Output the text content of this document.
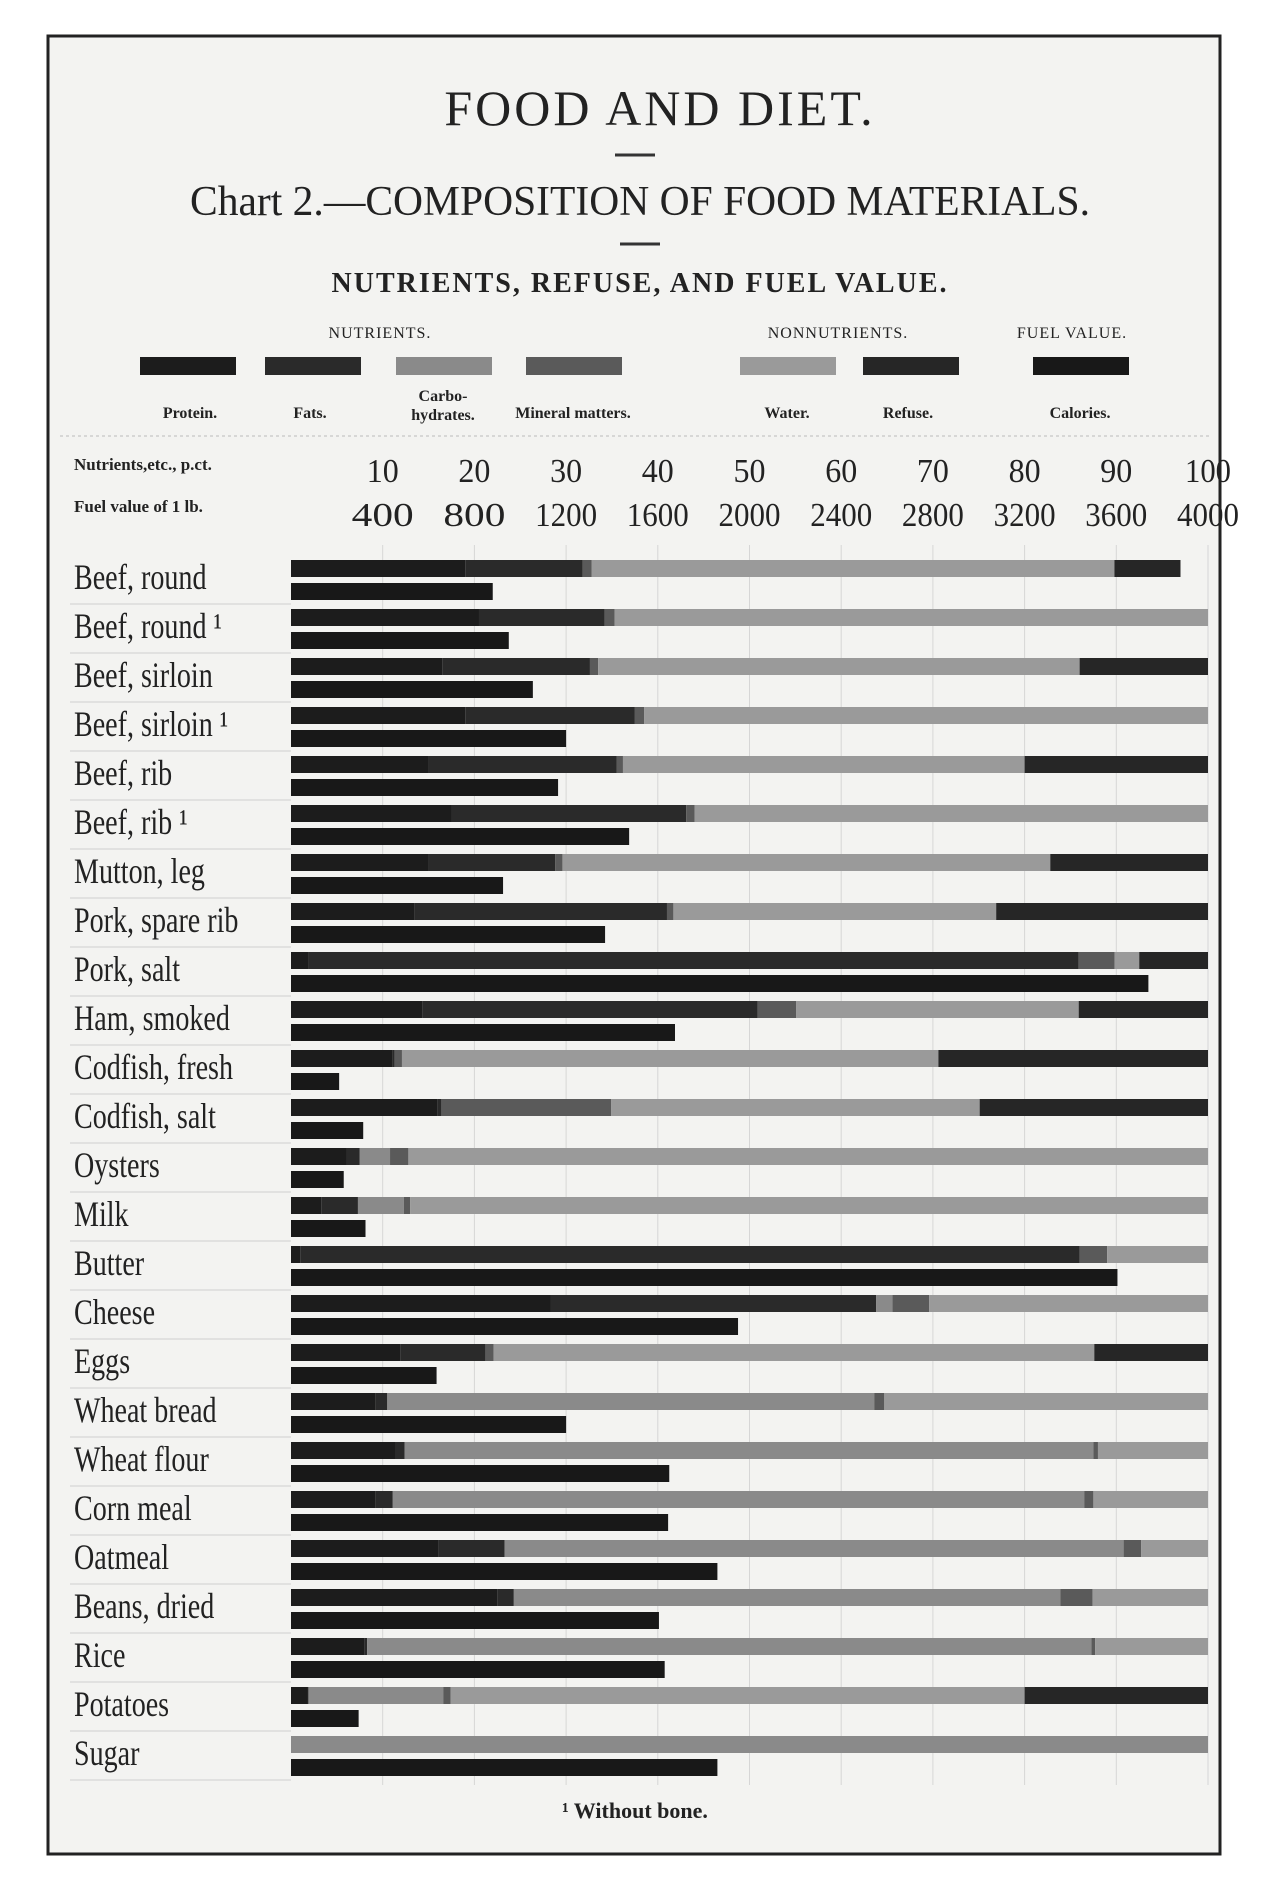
FOOD AND DIET.
Chart 2.—COMPOSITION OF FOOD MATERIALS.
NUTRIENTS, REFUSE, AND FUEL VALUE.
NUTRIENTS.	NONNUTRIENTS.	FUEL VALUE.
Protein.	Fats.
Carbo-hydrates.	Mineral matters.	Water.	Refuse.	Calories.
Nutrients,etc., p.ct.
Fuel value of 1 lb.
10 20 30 40 50 60 70 80 90 100
400 800 1200 1600 2000 2400 2800 3200 3600 4000
Beef, round
Beef, round ¹
Beef, sirloin
Beef, sirloin ¹
Beef, rib
Beef, rib ¹
Mutton, leg
Pork, spare rib
Pork, salt
Ham, smoked
Codfish, fresh
Codfish, salt
Oysters
Milk
Butter
Cheese
Eggs
Wheat bread
Wheat flour
Corn meal
Oatmeal
Beans, dried
Rice
Potatoes
Sugar
¹ Without bone.
